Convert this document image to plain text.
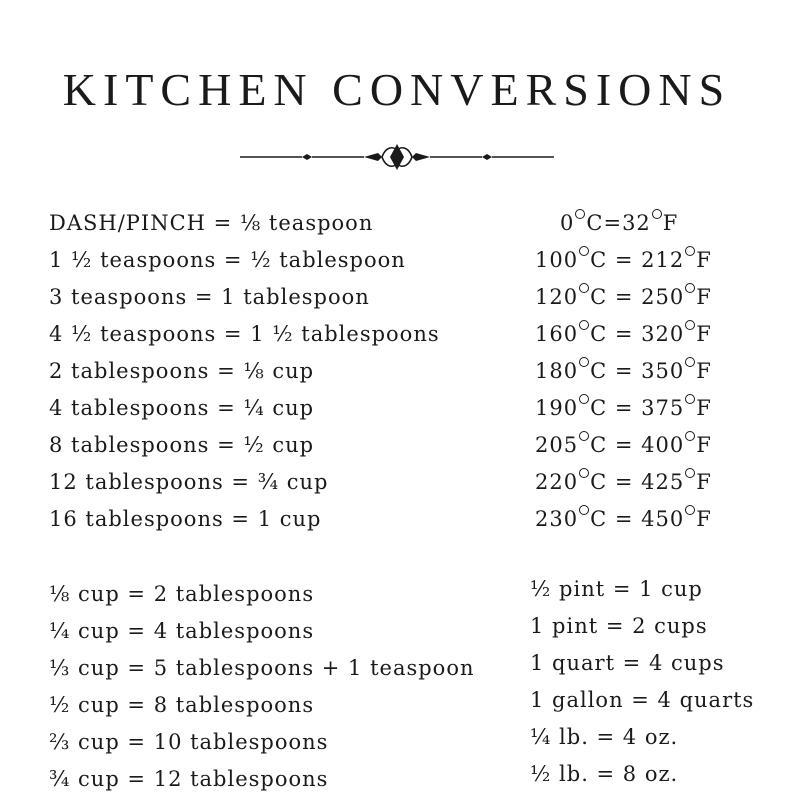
KITCHEN CONVERSIONS
DASH/PINCH = ⅛ teaspoon
1 ½ teaspoons = ½ tablespoon
3 teaspoons = 1 tablespoon
4 ½ teaspoons = 1 ½ tablespoons
2 tablespoons = ⅛ cup
4 tablespoons = ¼ cup
8 tablespoons = ½ cup
12 tablespoons = ¾ cup
16 tablespoons = 1 cup
0 C=32 F
100 C = 212 F
120 C = 250 F
160 C = 320 F
180 C = 350 F
190 C = 375 F
205 C = 400 F
220 C = 425 F
230 C = 450 F
⅛ cup = 2 tablespoons
¼ cup = 4 tablespoons
⅓ cup = 5 tablespoons + 1 teaspoon
½ cup = 8 tablespoons
⅔ cup = 10 tablespoons
¾ cup = 12 tablespoons
½ pint = 1 cup
1 pint = 2 cups
1 quart = 4 cups
1 gallon = 4 quarts
¼ lb. = 4 oz.
½ lb. = 8 oz.
